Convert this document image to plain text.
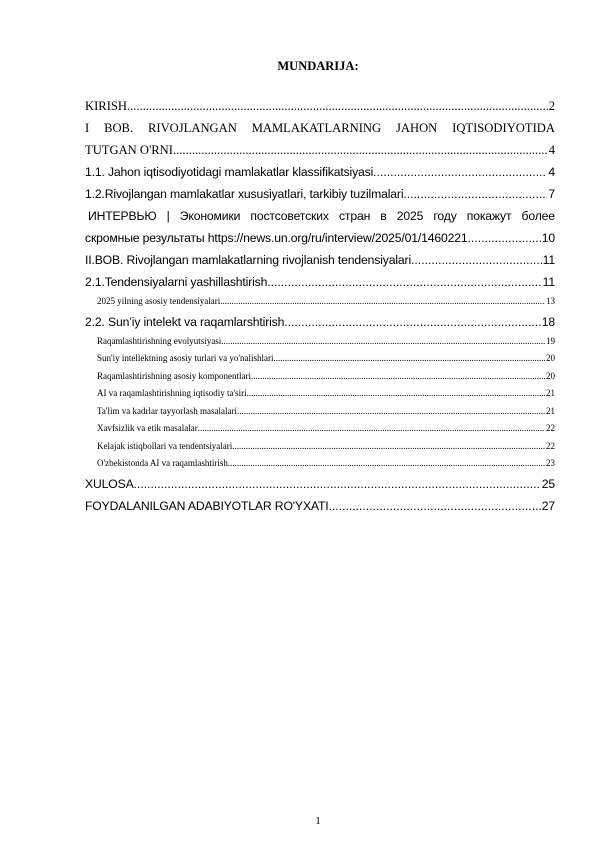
MUNDARIJA:
KIRISH .....	2
I BOB. RIVOJLANGAN MAMLAKATLARNING JAHON IQTISODIYOTIDA
TUTGAN O'RNI .....	4
1.1. Jahon iqtisodiyotidagi mamlakatlar klassifikatsiyasi .....	4
1.2.Rivojlangan mamlakatlar xususiyatlari, tarkibiy tuzilmalari .....	7
ИНТЕРВЬЮ | Экономики постсоветских стран в 2025 году покажут более
скромные результаты https://news.un.org/ru/interview/2025/01/1460221 .....	10
II.BOB. Rivojlangan mamlakatlarning rivojlanish tendensiyalari .....	11
2.1.Tendensiyalarni yashillashtirish .....	11
2025 yilning asosiy tendensiyalari .....	13
2.2. Sun’iy intelekt va raqamlarshtirish .....	18
Raqamlashtirishning evolyutsiyasi .....	19
Sun'iy intellektning asosiy turlari va yo'nalishlari .....	20
Raqamlashtirishning asosiy komponentlari .....	20
AI va raqamlashtirishning iqtisodiy ta'siri .....	21
Ta'lim va kadrlar tayyorlash masalalari .....	21
Xavfsizlik va etik masalalar .....	22
Kelajak istiqbollari va tendentsiyalari .....	22
O'zbekistonda AI va raqamlashtirish .....	23
XULOSA .....	25
FOYDALANILGAN ADABIYOTLAR RO'YXATI .....	27
1
